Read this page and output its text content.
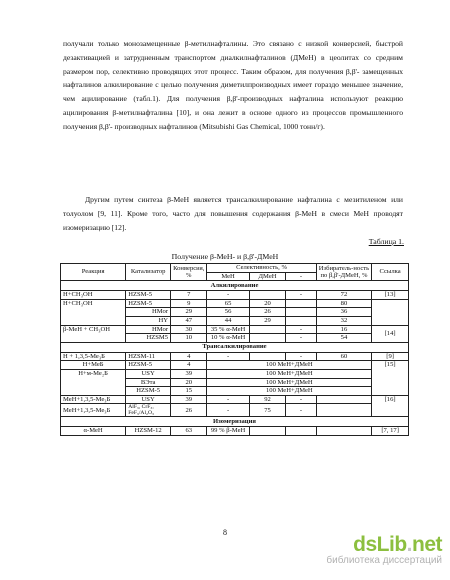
получали только монозамещенные β-метилнафталины. Это связано с низкой конверсией, быстрой дезактивацией и затрудненным транспортом диалкилнафталинов (ДМеН) в цеолитах со средним размером пор, селективно проводящих этот процесс. Таким образом, для получения β,β'- замещенных нафталинов алкилирование с целью получения диметилпроизводных имеет гораздо меньшее значение, чем ацилирование (табл.1). Для получения β,β'-производных нафталина используют реакцию ацилирования β-метилнафталина [10], и она лежит в основе одного из процессов промышленного получения β,β'- производных нафталинов (Mitsubishi Gas Chemical, 1000 тонн/г).

Другим путем синтеза β-МеН является трансалкилирование нафталина с мезитиленом или толуолом [9, 11]. Кроме того, часто для повышения содержания β-МеН в смеси МеН проводят изомеризацию [12].

Таблица 1.
Получение β-МеН- и β,β'-ДМеН
Реакция	Катализатор	Конверсия, %	Селективность, %			Избиратель-ность по β,β'-ДМеН, %	Ссылка
			МеН	ДМеН	-		
Алкилирование							
H+CH₃OH	HZSM-5	7	-		-	72	[13]
H+CH₃OH	HZSM-5	9	65	20		80	
	HMor	29	56	26		36	
	HY	47	44	29		32	
β-МеН + CH₃OH	HMor	30	35 % α-МеН		-	16	[14]
	HZSM5	10	10 % α-МеН		-	54	
Трансалкилирование							
Н + 1,3,5-Ме₃Б	HZSM-11	4	-		-	60	[9]
Н+МеБ	HZSM-5	4	100 МеН+ДМеН				[15]
Н+м-Ме₂Б	USY	39	100 МеН+ДМеН				
	BЭта	20	100 МеН+ДМеН				
	HZSM-5	15	100 МеН+ДМеН				
МеН+1,3,5-Ме₃Б	USY	39	-	92	-		[16]
МеН+1,3,5-Ме₃Б	AlF₃, CrF₃, FeF₃/Al₂O₃	26	-	75	-		
Изомеризация							
α-МеН	HZSM-12	63	99 % β-МеН				[7, 17]
8
dsLib.net
библиотека диссертаций
